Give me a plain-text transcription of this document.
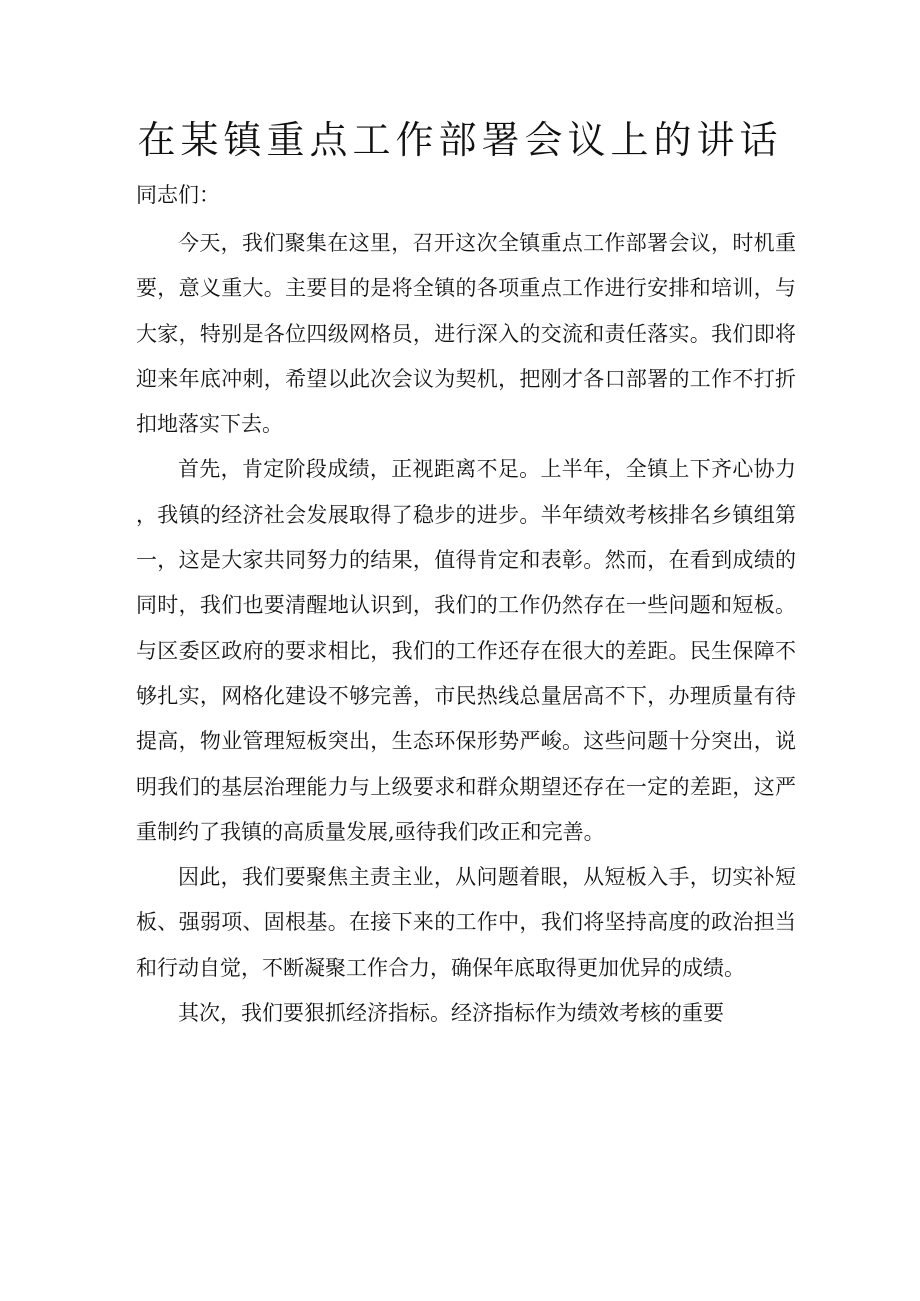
在某镇重点工作部署会议上的讲话

同志们：

今天，我们聚集在这里，召开这次全镇重点工作部署会议，时机重要，意义重大。主要目的是将全镇的各项重点工作进行安排和培训，与大家，特别是各位四级网格员，进行深入的交流和责任落实。我们即将迎来年底冲刺，希望以此次会议为契机，把刚才各口部署的工作不打折扣地落实下去。

首先，肯定阶段成绩，正视距离不足。上半年，全镇上下齐心协力，我镇的经济社会发展取得了稳步的进步。半年绩效考核排名乡镇组第一，这是大家共同努力的结果，值得肯定和表彰。然而，在看到成绩的同时，我们也要清醒地认识到，我们的工作仍然存在一些问题和短板。与区委区政府的要求相比，我们的工作还存在很大的差距。民生保障不够扎实，网格化建设不够完善，市民热线总量居高不下，办理质量有待提高，物业管理短板突出，生态环保形势严峻。这些问题十分突出，说明我们的基层治理能力与上级要求和群众期望还存在一定的差距，这严重制约了我镇的高质量发展,亟待我们改正和完善。

因此，我们要聚焦主责主业，从问题着眼，从短板入手，切实补短板、强弱项、固根基。在接下来的工作中，我们将坚持高度的政治担当和行动自觉，不断凝聚工作合力，确保年底取得更加优异的成绩。

其次，我们要狠抓经济指标。经济指标作为绩效考核的重要
